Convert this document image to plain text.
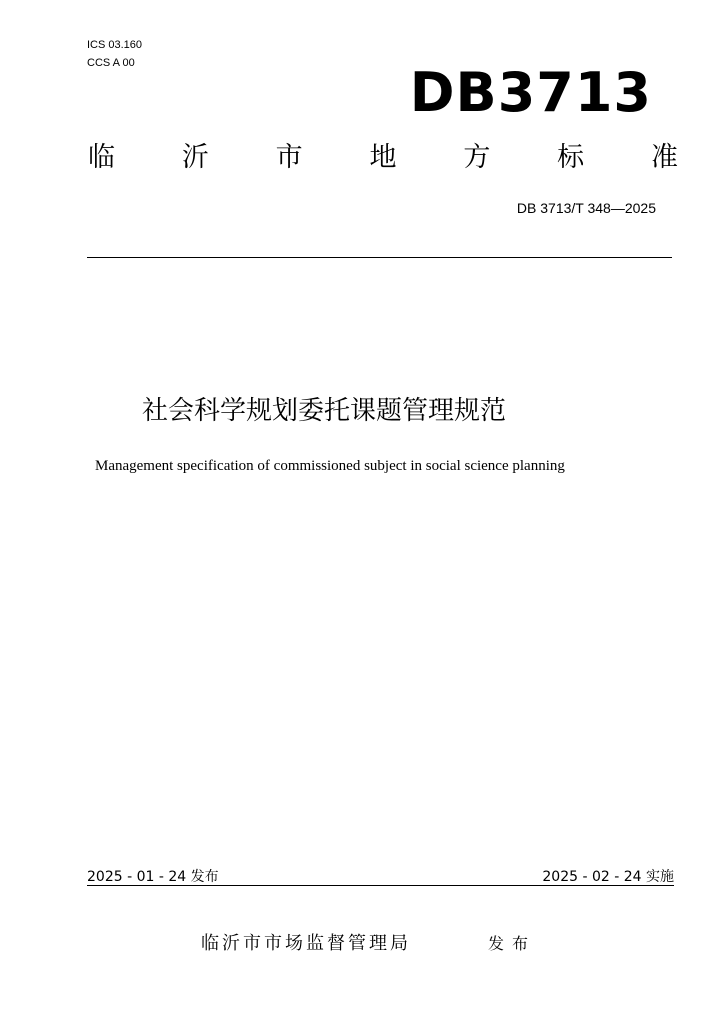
ICS 03.160
CCS A 00	DB3713
临 沂 市 地 方 标 准
DB 3713/T 348—2025
社会科学规划委托课题管理规范
Management specification of commissioned subject in social science planning
2025 - 01 - 24 发布	2025 - 02 - 24 实施
临沂市市场监督管理局	发布
